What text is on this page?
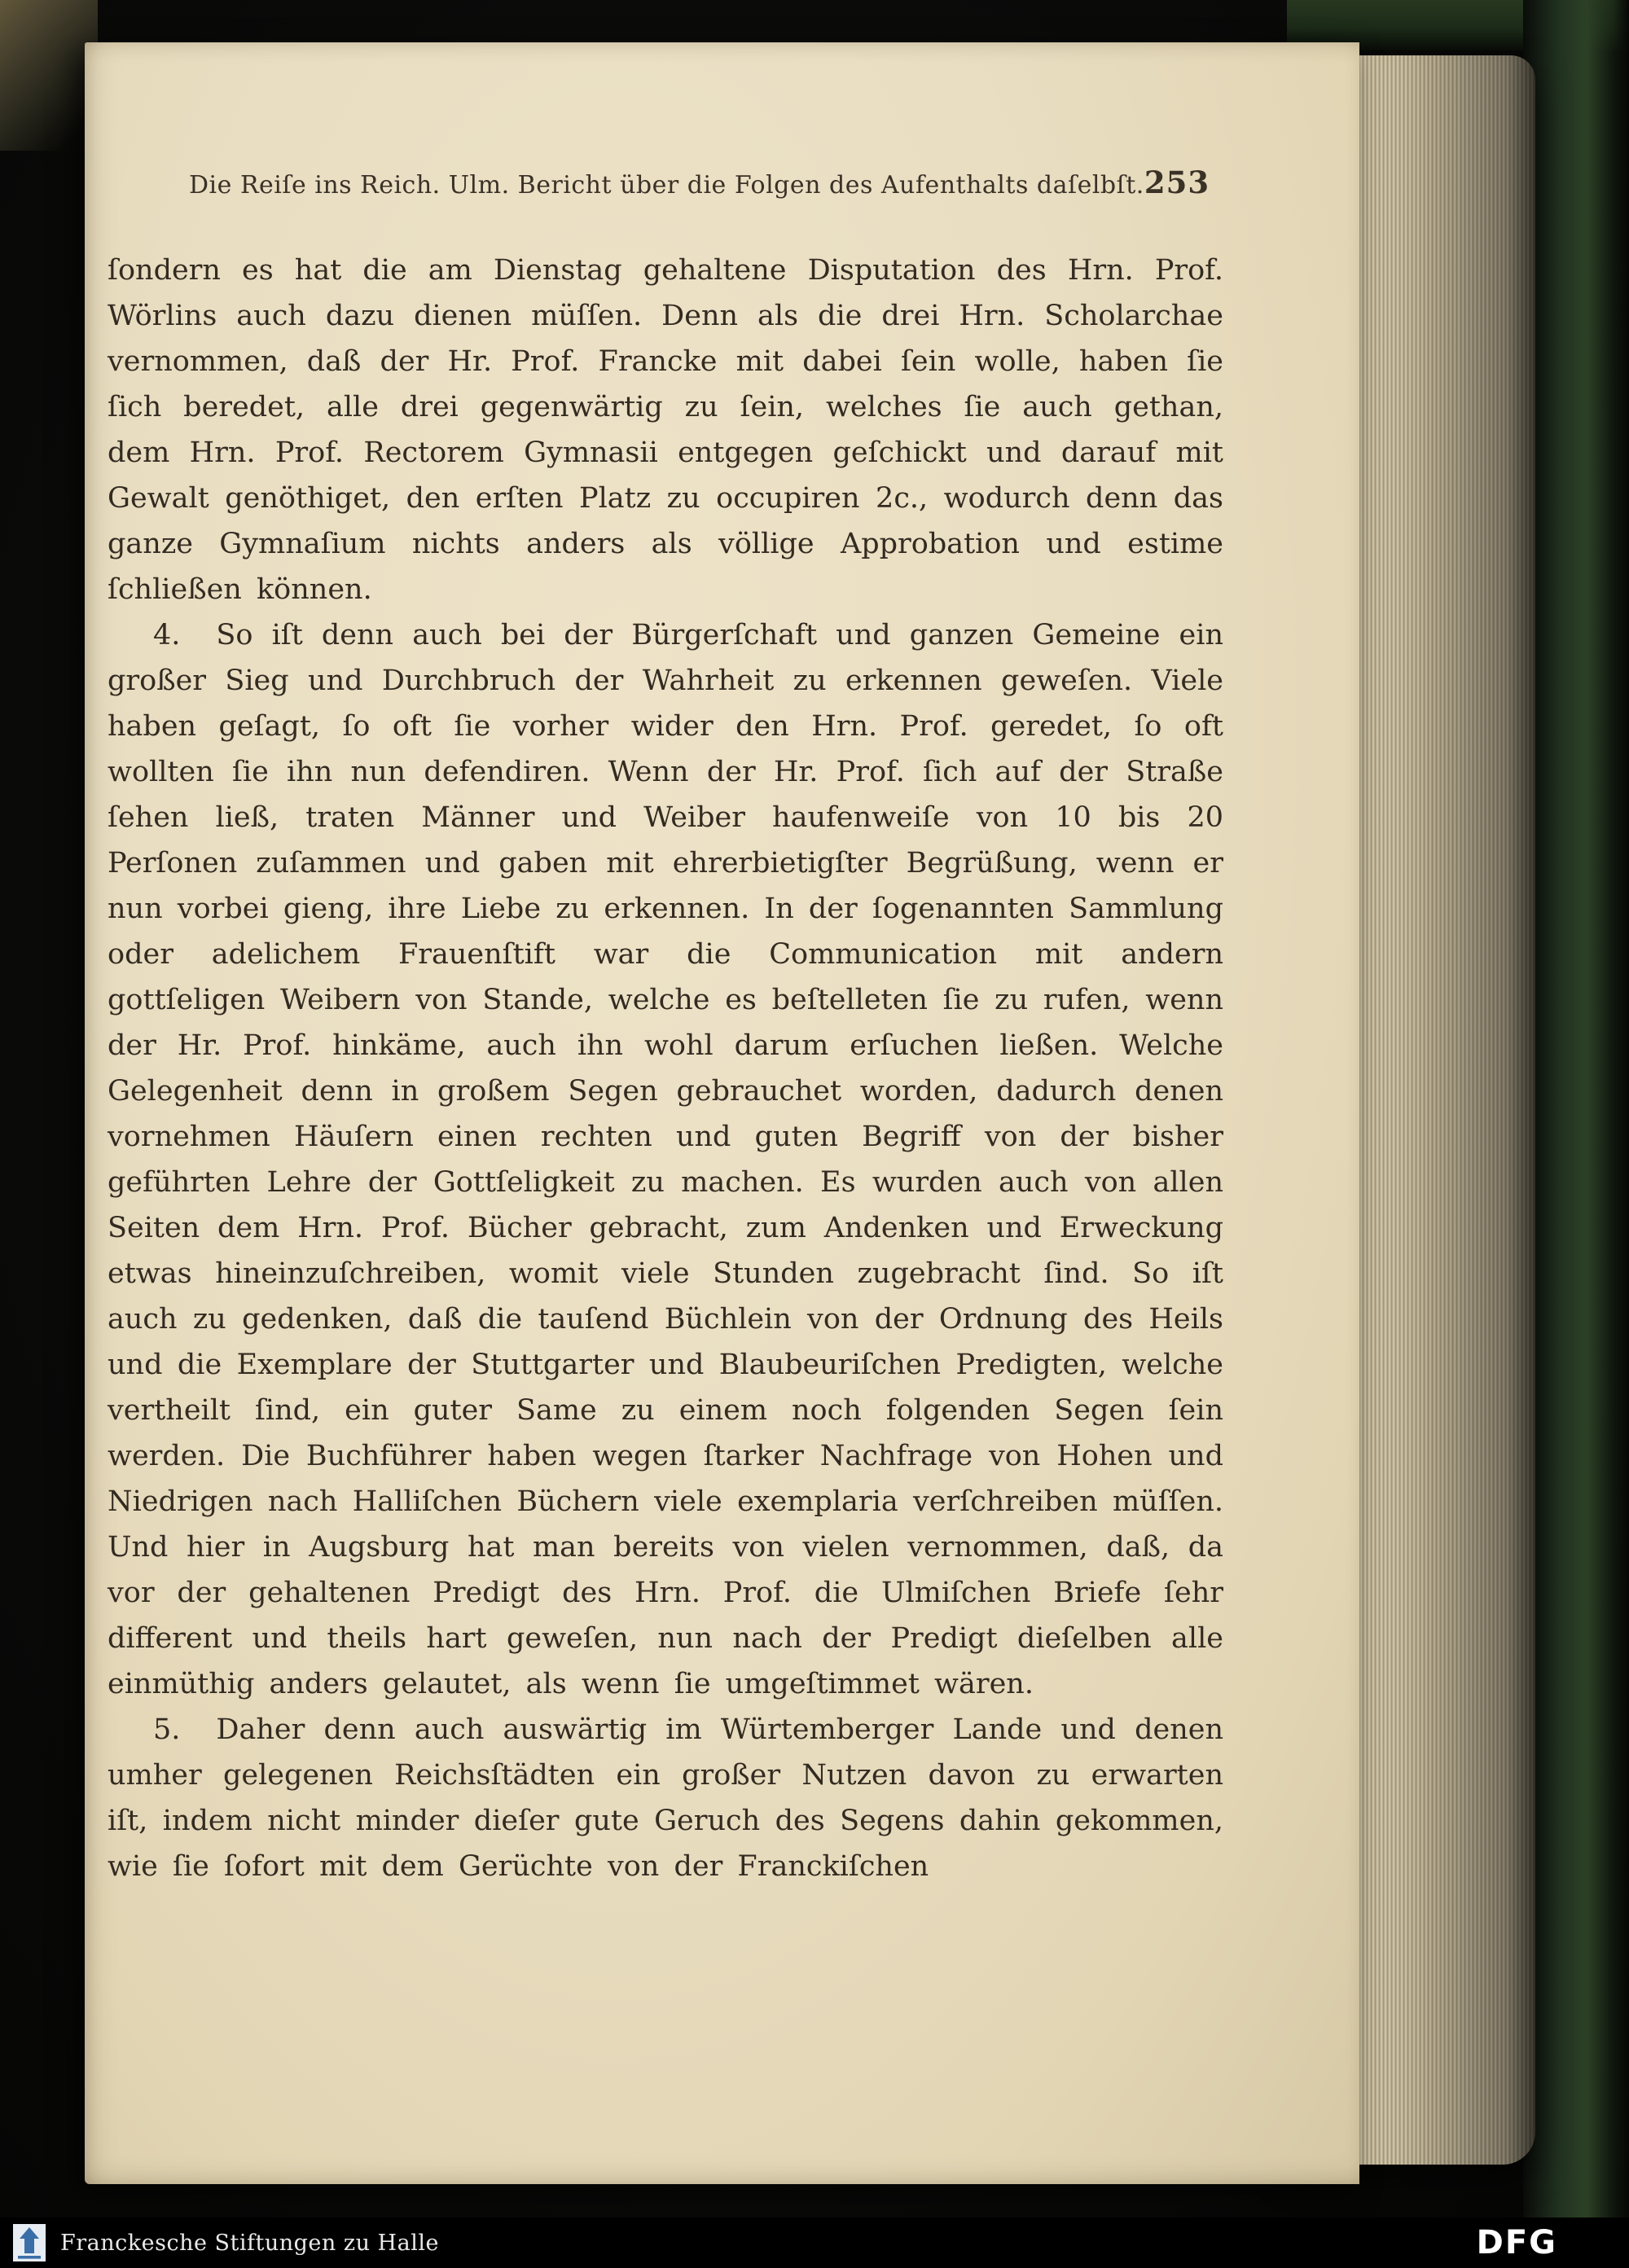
Die Reiſe ins Reich. Ulm. Bericht über die Folgen des Aufenthalts daſelbſt. 253

ſondern es hat die am Dienstag gehaltene Disputation des Hrn. Prof. Wörlins auch dazu dienen müſſen. Denn als die drei Hrn. Scholarchae vernommen, daß der Hr. Prof. Francke mit dabei ſein wolle, haben ſie ſich beredet, alle drei gegenwärtig zu ſein, welches ſie auch gethan, dem Hrn. Prof. Rectorem Gymnasii entgegen geſchickt und darauf mit Gewalt genöthiget, den erſten Platz zu occupiren 2c., wodurch denn das ganze Gymnaſium nichts anders als völlige Approbation und estime ſchließen können.

4. So iſt denn auch bei der Bürgerſchaft und ganzen Gemeine ein großer Sieg und Durchbruch der Wahrheit zu erkennen geweſen. Viele haben geſagt, ſo oft ſie vorher wider den Hrn. Prof. geredet, ſo oft wollten ſie ihn nun defendiren. Wenn der Hr. Prof. ſich auf der Straße ſehen ließ, traten Männer und Weiber haufenweiſe von 10 bis 20 Perſonen zuſammen und gaben mit ehrerbietigſter Begrüßung, wenn er nun vorbei gieng, ihre Liebe zu erkennen. In der ſogenannten Sammlung oder adelichem Frauenſtift war die Communication mit andern gottſeligen Weibern von Stande, welche es beſtelleten ſie zu rufen, wenn der Hr. Prof. hinkäme, auch ihn wohl darum erſuchen ließen. Welche Gelegenheit denn in großem Segen gebrauchet worden, dadurch denen vornehmen Häuſern einen rechten und guten Begriff von der bisher geführten Lehre der Gottſeligkeit zu machen. Es wurden auch von allen Seiten dem Hrn. Prof. Bücher gebracht, zum Andenken und Erweckung etwas hineinzuſchreiben, womit viele Stunden zugebracht ſind. So iſt auch zu gedenken, daß die tauſend Büchlein von der Ordnung des Heils und die Exemplare der Stuttgarter und Blaubeuriſchen Predigten, welche vertheilt ſind, ein guter Same zu einem noch folgenden Segen ſein werden. Die Buchführer haben wegen ſtarker Nachfrage von Hohen und Niedrigen nach Halliſchen Büchern viele exemplaria verſchreiben müſſen. Und hier in Augsburg hat man bereits von vielen vernommen, daß, da vor der gehaltenen Predigt des Hrn. Prof. die Ulmiſchen Briefe ſehr different und theils hart geweſen, nun nach der Predigt dieſelben alle einmüthig anders gelautet, als wenn ſie umgeſtimmet wären.

5. Daher denn auch auswärtig im Würtemberger Lande und denen umher gelegenen Reichsſtädten ein großer Nutzen davon zu erwarten iſt, indem nicht minder dieſer gute Geruch des Segens dahin gekommen, wie ſie ſofort mit dem Gerüchte von der Franckiſchen

Franckesche Stiftungen zu Halle	DFG
